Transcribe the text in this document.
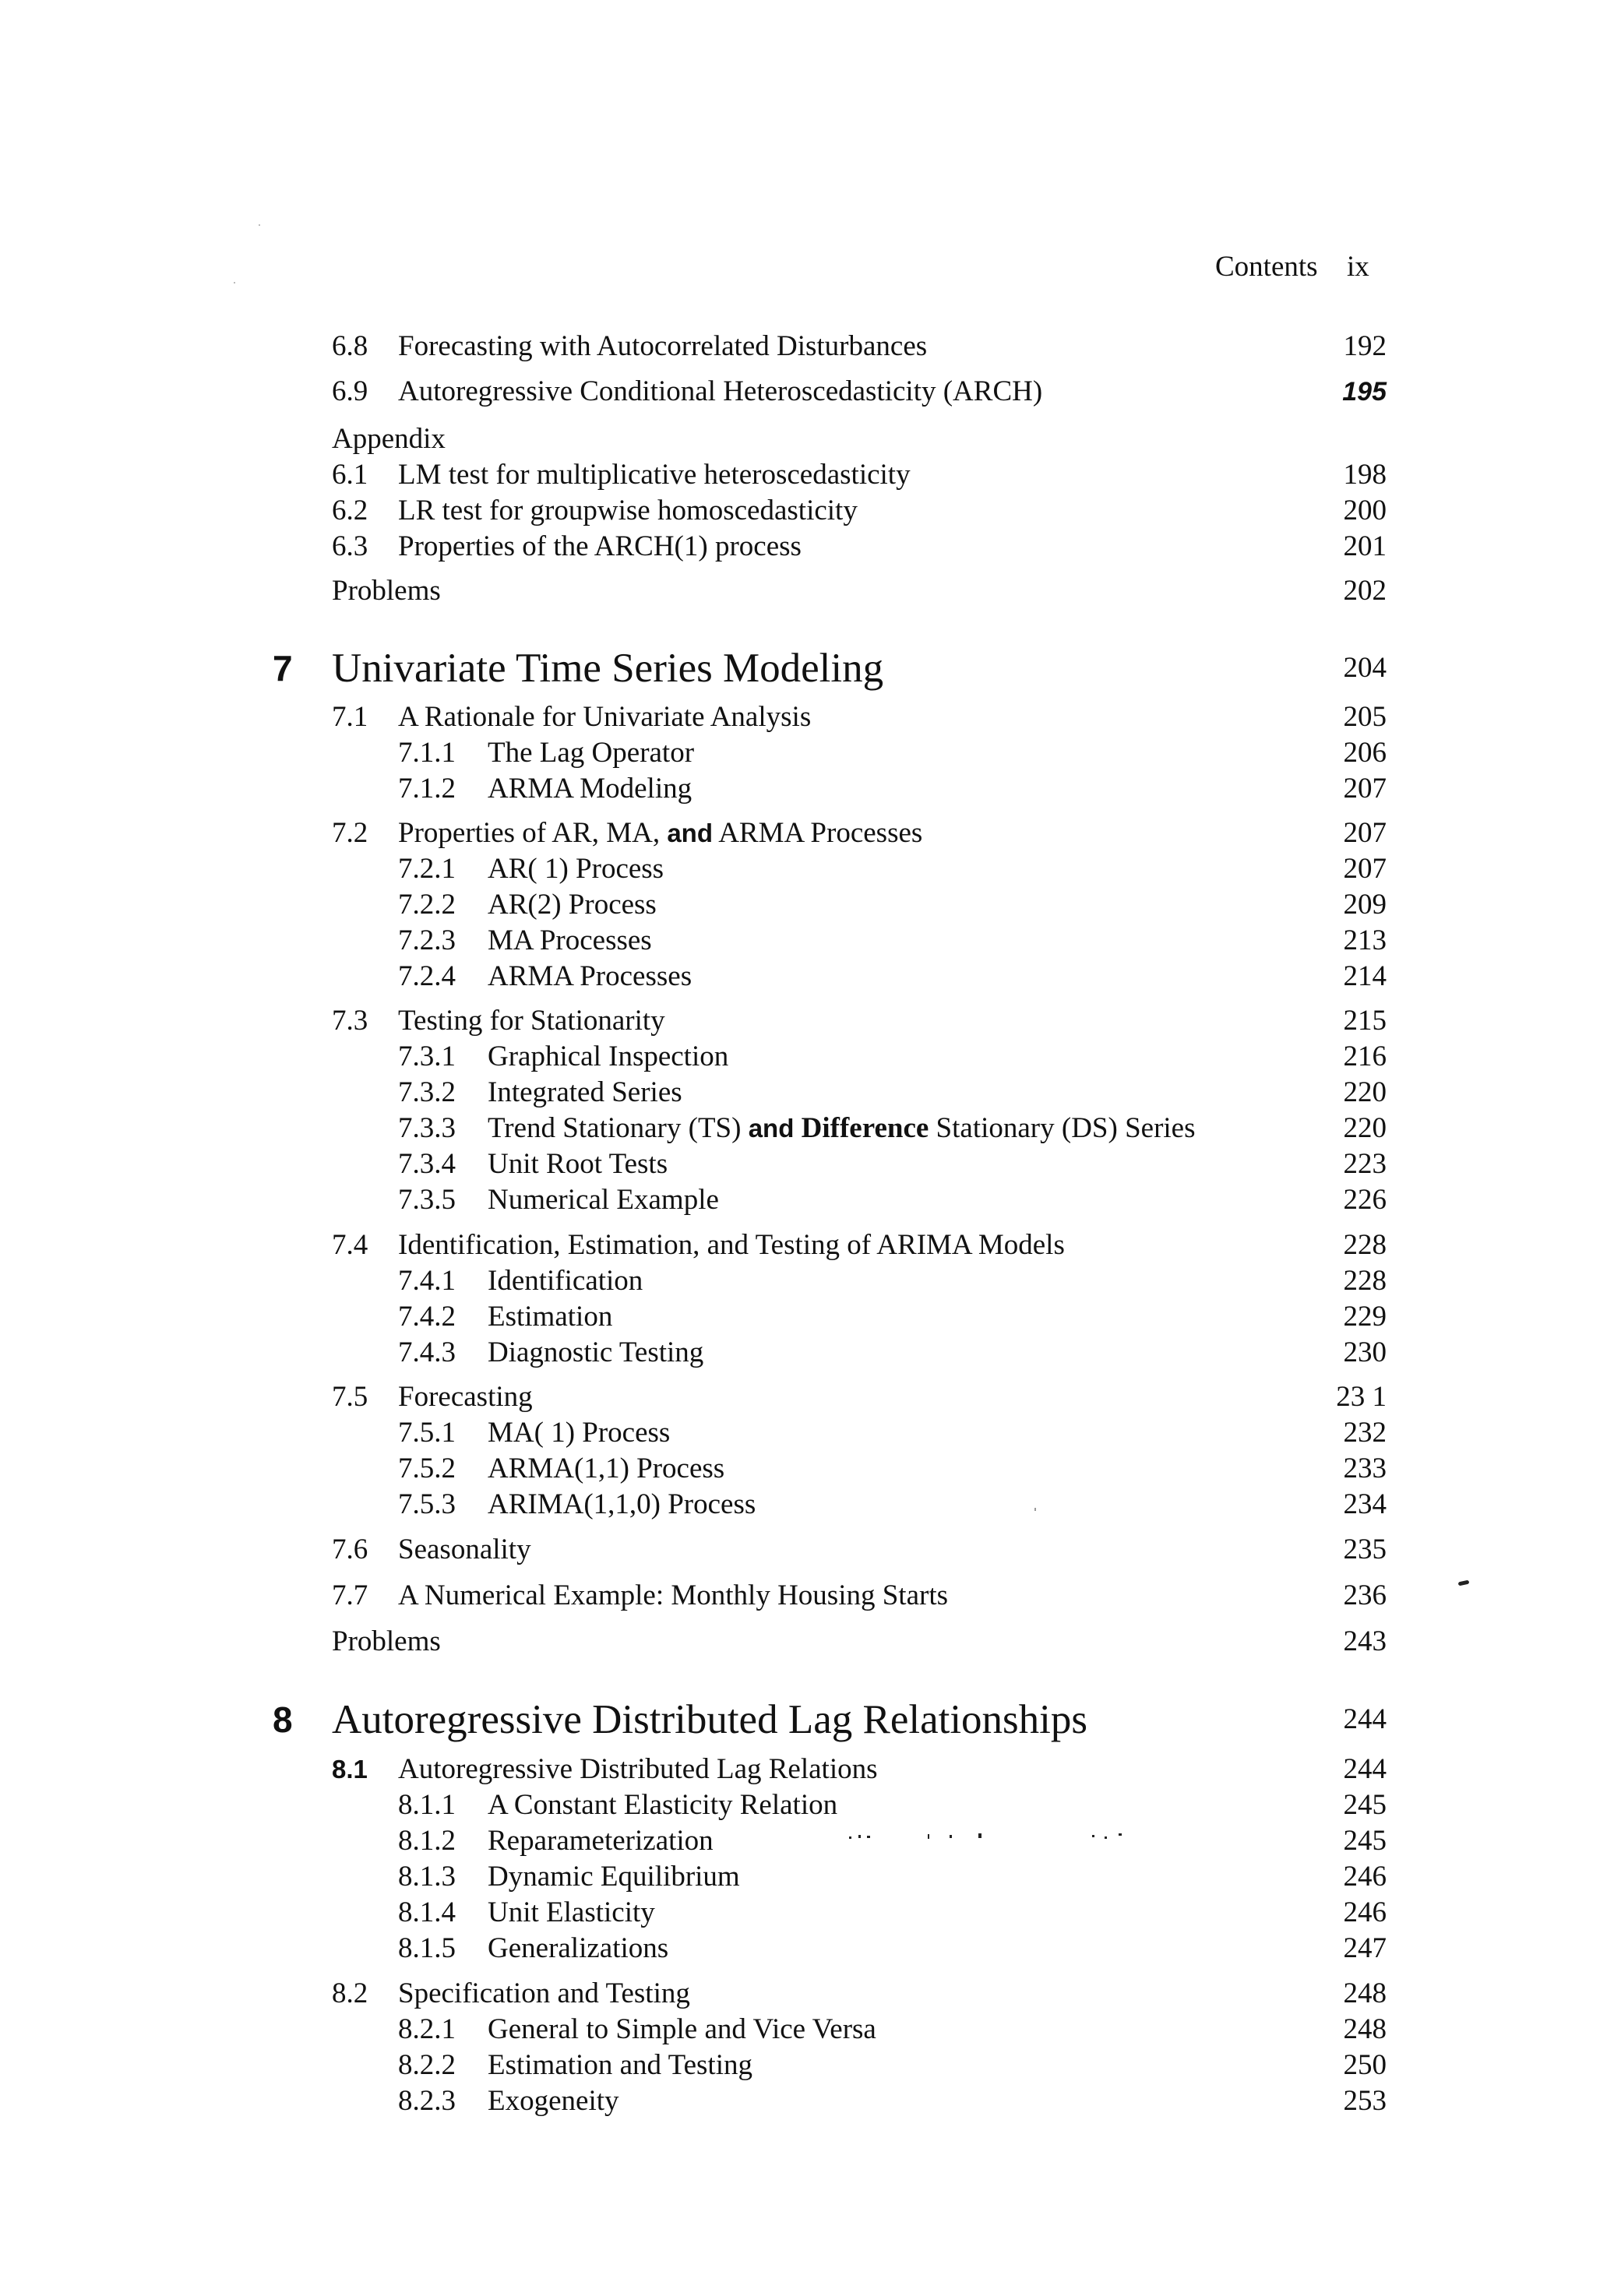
Contents ix
6.8 Forecasting with Autocorrelated Disturbances	192
6.9 Autoregressive Conditional Heteroscedasticity (ARCH)	195
Appendix
6.1 LM test for multiplicative heteroscedasticity	198
6.2 LR test for groupwise homoscedasticity	200
6.3 Properties of the ARCH(1) process	201
Problems	202
7 Univariate Time Series Modeling	204
7.1 A Rationale for Univariate Analysis	205
7.1.1 The Lag Operator	206
7.1.2 ARMA Modeling	207
7.2 Properties of AR, MA, and ARMA Processes	207
7.2.1 AR( 1) Process	207
7.2.2 AR(2) Process	209
7.2.3 MA Processes	213
7.2.4 ARMA Processes	214
7.3 Testing for Stationarity	215
7.3.1 Graphical Inspection	216
7.3.2 Integrated Series	220
7.3.3 Trend Stationary (TS) and Difference Stationary (DS) Series	220
7.3.4 Unit Root Tests	223
7.3.5 Numerical Example	226
7.4 Identification, Estimation, and Testing of ARIMA Models	228
7.4.1 Identification	228
7.4.2 Estimation	229
7.4.3 Diagnostic Testing	230
7.5 Forecasting	23 1
7.5.1 MA( 1) Process	232
7.5.2 ARMA(1,1) Process	233
7.5.3 ARIMA(1,1,0) Process	234
7.6 Seasonality	235
7.7 A Numerical Example: Monthly Housing Starts	236
Problems	243
8 Autoregressive Distributed Lag Relationships	244
8.1 Autoregressive Distributed Lag Relations	244
8.1.1 A Constant Elasticity Relation	245
8.1.2 Reparameterization	245
8.1.3 Dynamic Equilibrium	246
8.1.4 Unit Elasticity	246
8.1.5 Generalizations	247
8.2 Specification and Testing	248
8.2.1 General to Simple and Vice Versa	248
8.2.2 Estimation and Testing	250
8.2.3 Exogeneity	253
